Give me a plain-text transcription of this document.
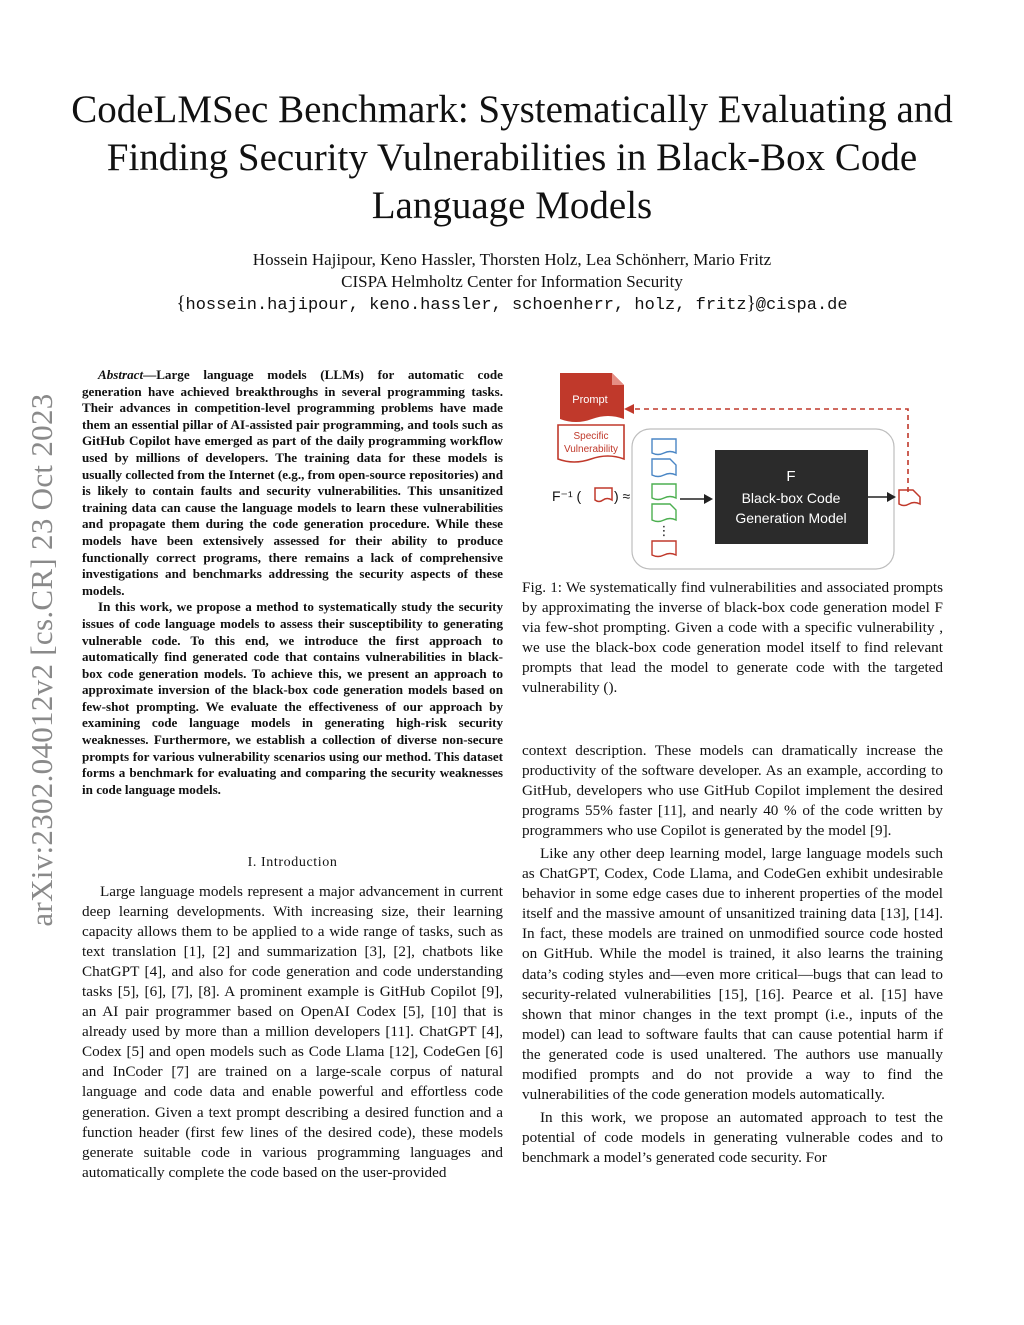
arXiv:2302.04012v2 [cs.CR] 23 Oct 2023
CodeLMSec Benchmark: Systematically Evaluating and Finding Security Vulnerabilities in Black-Box Code Language Models
Hossein Hajipour, Keno Hassler, Thorsten Holz, Lea Schönherr, Mario Fritz
CISPA Helmholtz Center for Information Security
{hossein.hajipour, keno.hassler, schoenherr, holz, fritz}@cispa.de

Abstract—Large language models (LLMs) for automatic code generation have achieved breakthroughs in several programming tasks. Their advances in competition-level programming problems have made them an essential pillar of AI-assisted pair programming, and tools such as GitHub Copilot have emerged as part of the daily programming workflow used by millions of developers. The training data for these models is usually collected from the Internet (e.g., from open-source repositories) and is likely to contain faults and security vulnerabilities. This unsanitized training data can cause the language models to learn these vulnerabilities and propagate them during the code generation procedure. While these models have been extensively assessed for their ability to produce functionally correct programs, there remains a lack of comprehensive investigations and benchmarks addressing the security aspects of these models.

In this work, we propose a method to systematically study the security issues of code language models to assess their susceptibility to generating vulnerable code. To this end, we introduce the first approach to automatically find generated code that contains vulnerabilities in black-box code generation models. To achieve this, we present an approach to approximate inversion of the black-box code generation models based on few-shot prompting. We evaluate the effectiveness of our approach by examining code language models in generating high-risk security weaknesses. Furthermore, we establish a collection of diverse non-secure prompts for various vulnerability scenarios using our method. This dataset forms a benchmark for evaluating and comparing the security weaknesses in code language models.

I. Introduction

Large language models represent a major advancement in current deep learning developments. With increasing size, their learning capacity allows them to be applied to a wide range of tasks, such as text translation [1], [2] and summarization [3], [2], chatbots like ChatGPT [4], and also for code generation and code understanding tasks [5], [6], [7], [8]. A prominent example is GitHub Copilot [9], an AI pair programmer based on OpenAI Codex [5], [10] that is already used by more than a million developers [11]. ChatGPT [4], Codex [5] and open models such as Code Llama [12], CodeGen [6] and InCoder [7] are trained on a large-scale corpus of natural language and code data and enable powerful and effortless code generation. Given a text prompt describing a desired function and a function header (first few lines of the desired code), these models generate suitable code in various programming languages and automatically complete the code based on the user-provided

Prompt
Specific
Vulnerability
F⁻¹ ( ) ≈
⋮
F
Black-box Code
Generation Model
Fig. 1: We systematically find vulnerabilities and associated prompts by approximating the inverse of black-box code generation model F via few-shot prompting. Given a code with a specific vulnerability , we use the black-box code generation model itself to find relevant prompts that lead the model to generate code with the targeted vulnerability ().

context description. These models can dramatically increase the productivity of the software developer. As an example, according to GitHub, developers who use GitHub Copilot implement the desired programs 55% faster [11], and nearly 40 % of the code written by programmers who use Copilot is generated by the model [9].

Like any other deep learning model, large language models such as ChatGPT, Codex, Code Llama, and CodeGen exhibit undesirable behavior in some edge cases due to inherent properties of the model itself and the massive amount of unsanitized training data [13], [14]. In fact, these models are trained on unmodified source code hosted on GitHub. While the model is trained, it also learns the training data’s coding styles and—even more critical—bugs that can lead to security-related vulnerabilities [15], [16]. Pearce et al. [15] have shown that minor changes in the text prompt (i.e., inputs of the model) can lead to software faults that can cause potential harm if the generated code is used unaltered. The authors use manually modified prompts and do not provide a way to find the vulnerabilities of the code generation models automatically.

In this work, we propose an automated approach to test the potential of code models in generating vulnerable codes and to benchmark a model’s generated code security. For
